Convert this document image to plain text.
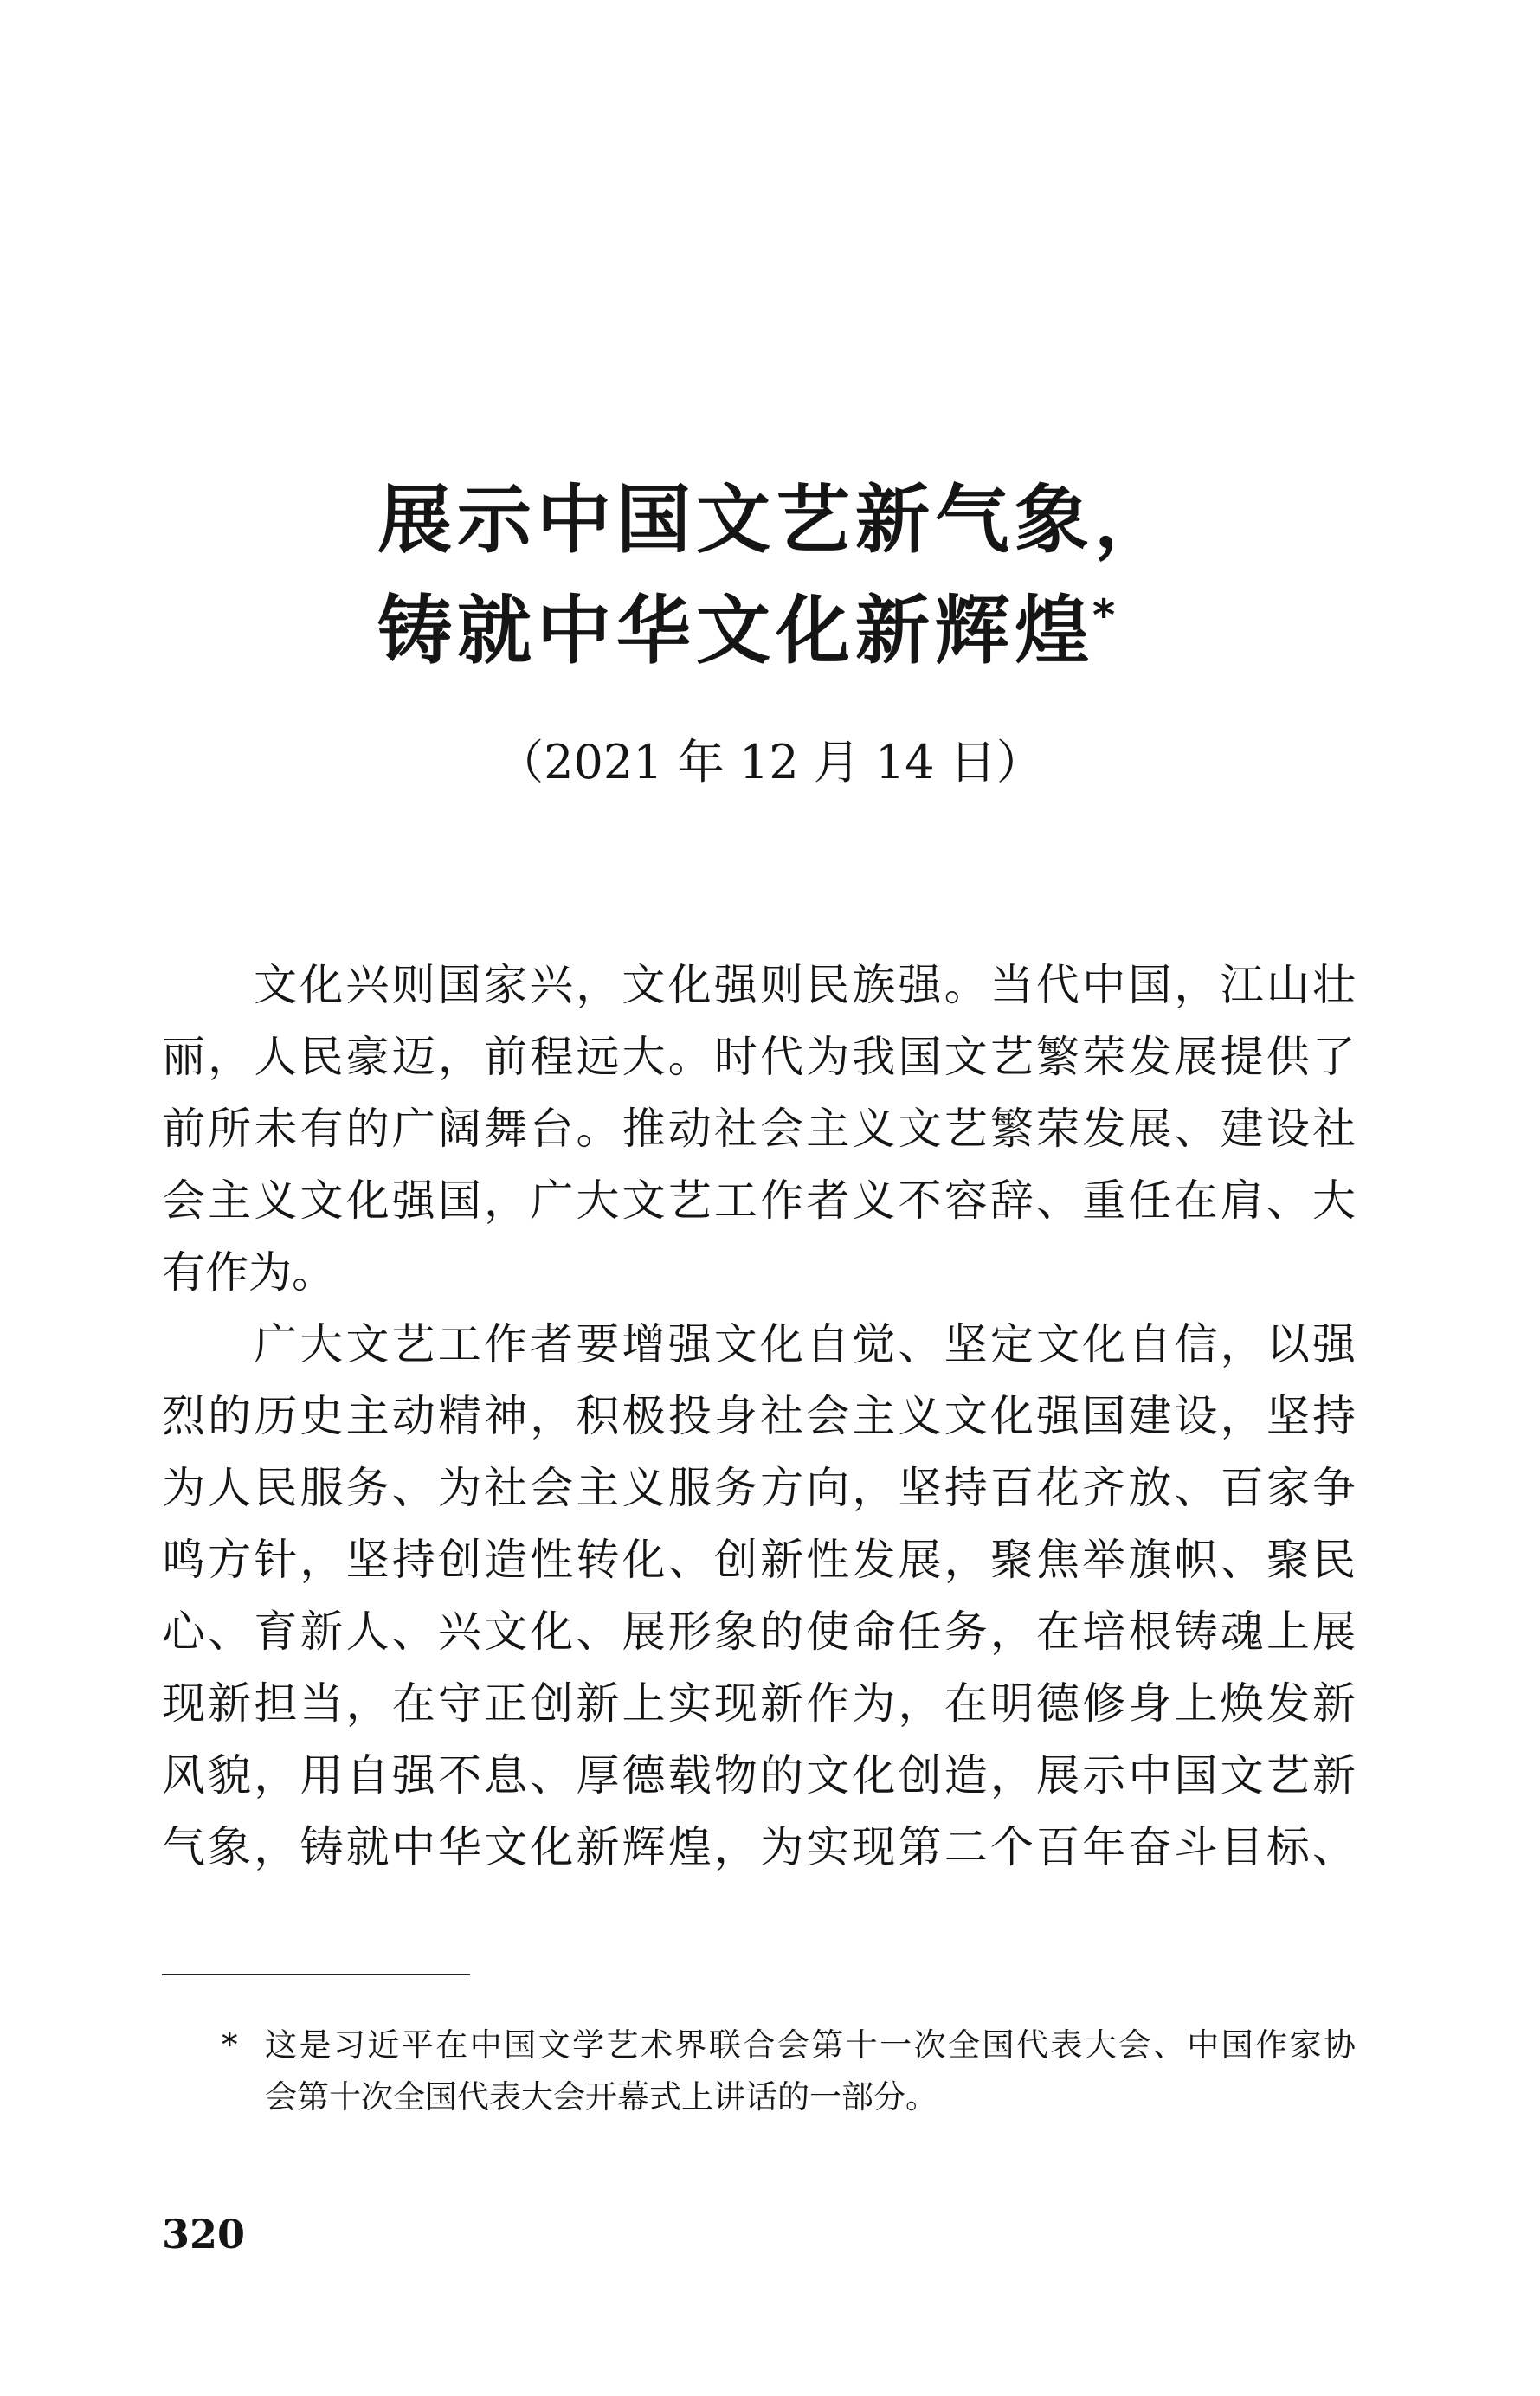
展示中国文艺新气象，
铸就中华文化新辉煌*
（2021 年 12 月 14 日）
文化兴则国家兴，文化强则民族强。当代中国，江山壮
丽，人民豪迈，前程远大。时代为我国文艺繁荣发展提供了
前所未有的广阔舞台。推动社会主义文艺繁荣发展、建设社
会主义文化强国，广大文艺工作者义不容辞、重任在肩、大
有作为。
广大文艺工作者要增强文化自觉、坚定文化自信，以强
烈的历史主动精神，积极投身社会主义文化强国建设，坚持
为人民服务、为社会主义服务方向，坚持百花齐放、百家争
鸣方针，坚持创造性转化、创新性发展，聚焦举旗帜、聚民
心、育新人、兴文化、展形象的使命任务，在培根铸魂上展
现新担当，在守正创新上实现新作为，在明德修身上焕发新
风貌，用自强不息、厚德载物的文化创造，展示中国文艺新
气象，铸就中华文化新辉煌，为实现第二个百年奋斗目标、
* 这是习近平在中国文学艺术界联合会第十一次全国代表大会、中国作家协
会第十次全国代表大会开幕式上讲话的一部分。
320
